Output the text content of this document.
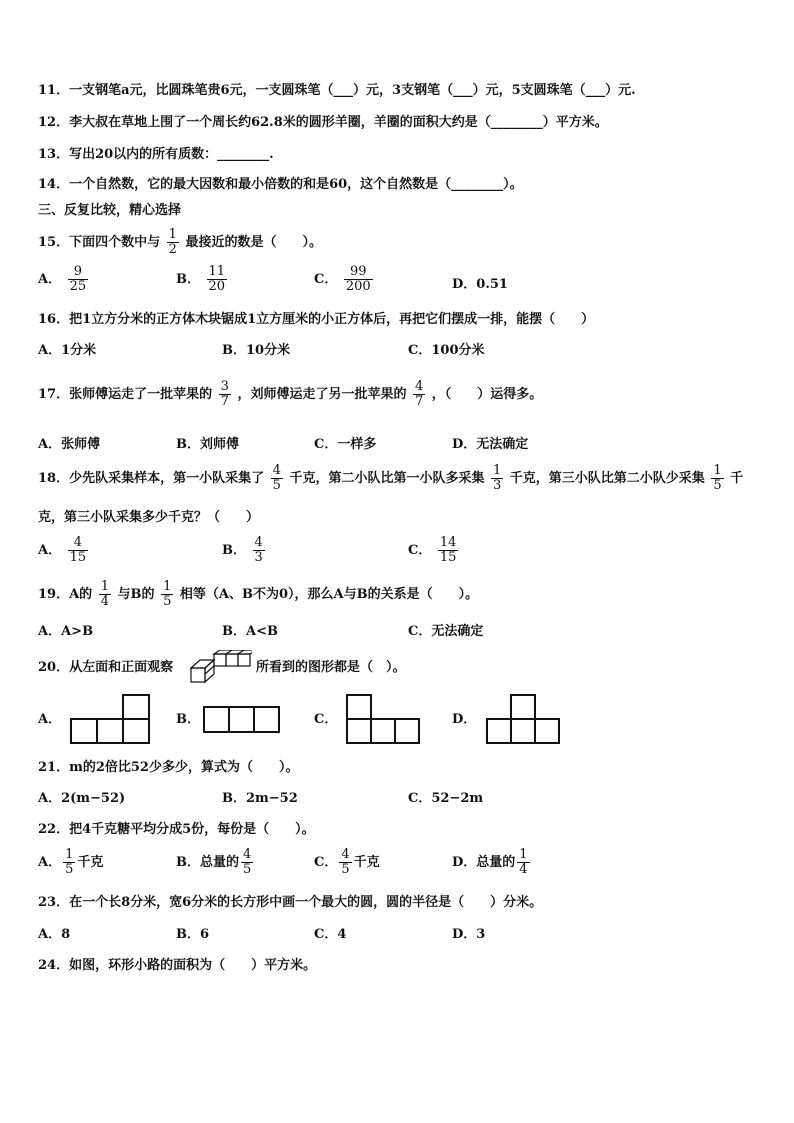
11．一支钢笔a元，比圆珠笔贵6元，一支圆珠笔（___）元，3支钢笔（___）元，5支圆珠笔（___）元.
12．李大叔在草地上围了一个周长约62.8米的圆形羊圈，羊圈的面积大约是（________）平方米。
13．写出20以内的所有质数：________.
14．一个自然数，它的最大因数和最小倍数的和是60，这个自然数是（________）。
三、反复比较，精心选择
15．下面四个数中与 $\frac{1}{2}$ 最接近的数是（　　）。
A． $\frac{9}{25}$	B． $\frac{11}{20}$	C． $\frac{99}{200}$	D．0.51
16．把1立方分米的正方体木块锯成1立方厘米的小正方体后，再把它们摆成一排，能摆（　　）
A．1分米	B．10分米	C．100分米
17．张师傅运走了一批苹果的 $\frac{3}{7}$ ，刘师傅运走了另一批苹果的 $\frac{4}{7}$ ，（　　）运得多。
A．张师傅	B．刘师傅	C．一样多	D．无法确定
18．少先队采集样本，第一小队采集了 $\frac{4}{5}$ 千克，第二小队比第一小队多采集 $\frac{1}{3}$ 千克，第三小队比第二小队少采集 $\frac{1}{5}$ 千
克，第三小队采集多少千克？（　　）
A． $\frac{4}{15}$	B． $\frac{4}{3}$	C． $\frac{14}{15}$
19．A的 $\frac{1}{4}$ 与B的 $\frac{1}{5}$ 相等（A、B不为0），那么A与B的关系是（　　）。
A．A>B	B．A<B	C．无法确定
20．从左面和正面观察	所看到的图形都是（　）。
A．	B．	C．	D．
21．m的2倍比52少多少，算式为（　　）。
A．2(m−52)	B．2m−52	C．52−2m
22．把4千克糖平均分成5份，每份是（　　）。
A． $\frac{1}{5}$ 千克	B．总量的 $\frac{4}{5}$	C． $\frac{4}{5}$ 千克	D．总量的 $\frac{1}{4}$
23．在一个长8分米，宽6分米的长方形中画一个最大的圆，圆的半径是（　　）分米。
A．8	B．6	C．4	D．3
24．如图，环形小路的面积为（　　）平方米。
